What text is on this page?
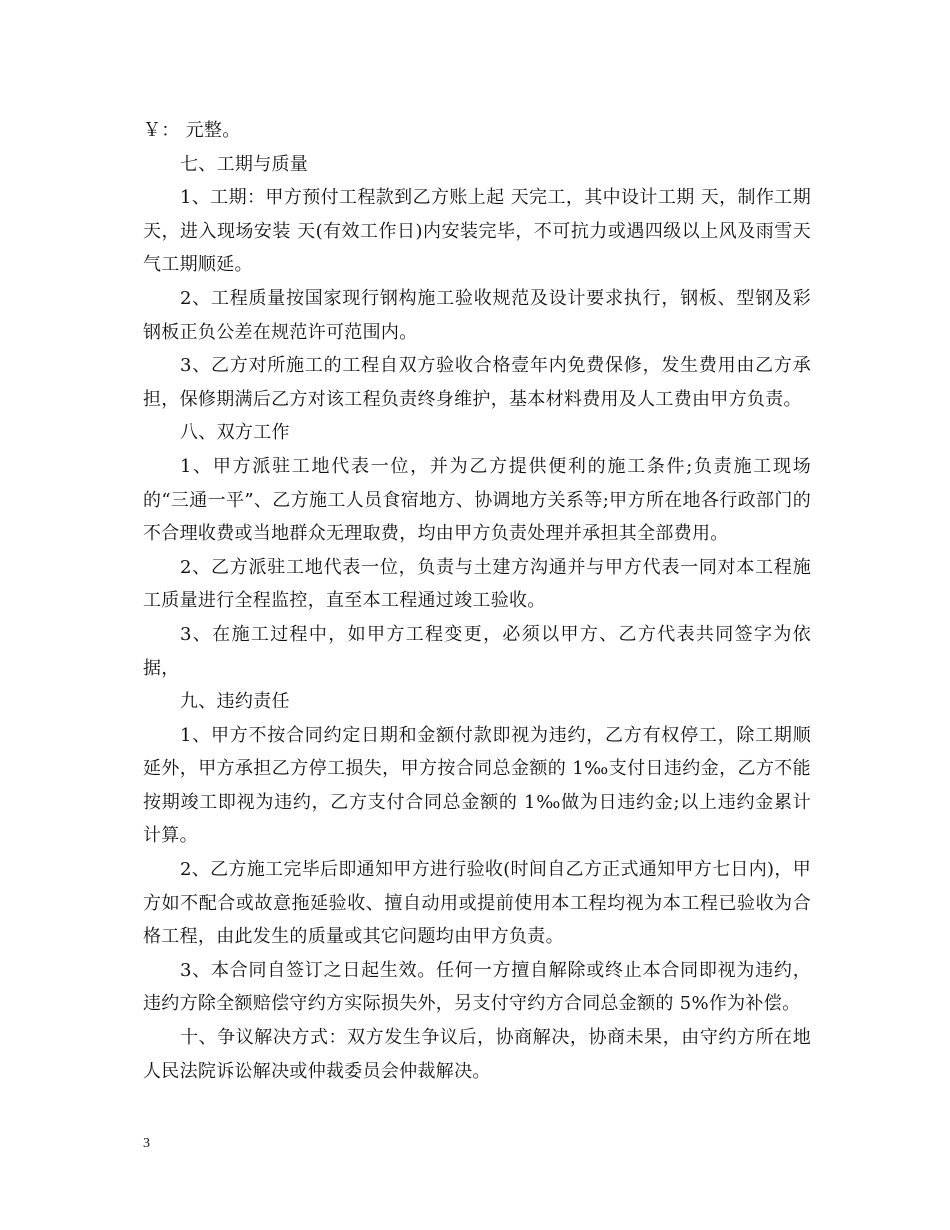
￥： 元整。

七、工期与质量

1、工期：甲方预付工程款到乙方账上起 天完工，其中设计工期 天，制作工期 天，进入现场安装 天(有效工作日)内安装完毕，不可抗力或遇四级以上风及雨雪天气工期顺延。

2、工程质量按国家现行钢构施工验收规范及设计要求执行，钢板、型钢及彩钢板正负公差在规范许可范围内。

3、乙方对所施工的工程自双方验收合格壹年内免费保修，发生费用由乙方承担，保修期满后乙方对该工程负责终身维护，基本材料费用及人工费由甲方负责。

八、双方工作

1、甲方派驻工地代表一位，并为乙方提供便利的施工条件;负责施工现场的“三通一平”、乙方施工人员食宿地方、协调地方关系等;甲方所在地各行政部门的不合理收费或当地群众无理取费，均由甲方负责处理并承担其全部费用。

2、乙方派驻工地代表一位，负责与土建方沟通并与甲方代表一同对本工程施工质量进行全程监控，直至本工程通过竣工验收。

3、在施工过程中，如甲方工程变更，必须以甲方、乙方代表共同签字为依据，

九、违约责任

1、甲方不按合同约定日期和金额付款即视为违约，乙方有权停工，除工期顺延外，甲方承担乙方停工损失，甲方按合同总金额的 1‰支付日违约金，乙方不能按期竣工即视为违约，乙方支付合同总金额的 1‰做为日违约金;以上违约金累计计算。

2、乙方施工完毕后即通知甲方进行验收(时间自乙方正式通知甲方七日内)，甲方如不配合或故意拖延验收、擅自动用或提前使用本工程均视为本工程已验收为合格工程，由此发生的质量或其它问题均由甲方负责。

3、本合同自签订之日起生效。任何一方擅自解除或终止本合同即视为违约，违约方除全额赔偿守约方实际损失外，另支付守约方合同总金额的 5%作为补偿。

十、争议解决方式：双方发生争议后，协商解决，协商未果，由守约方所在地人民法院诉讼解决或仲裁委员会仲裁解决。

3
